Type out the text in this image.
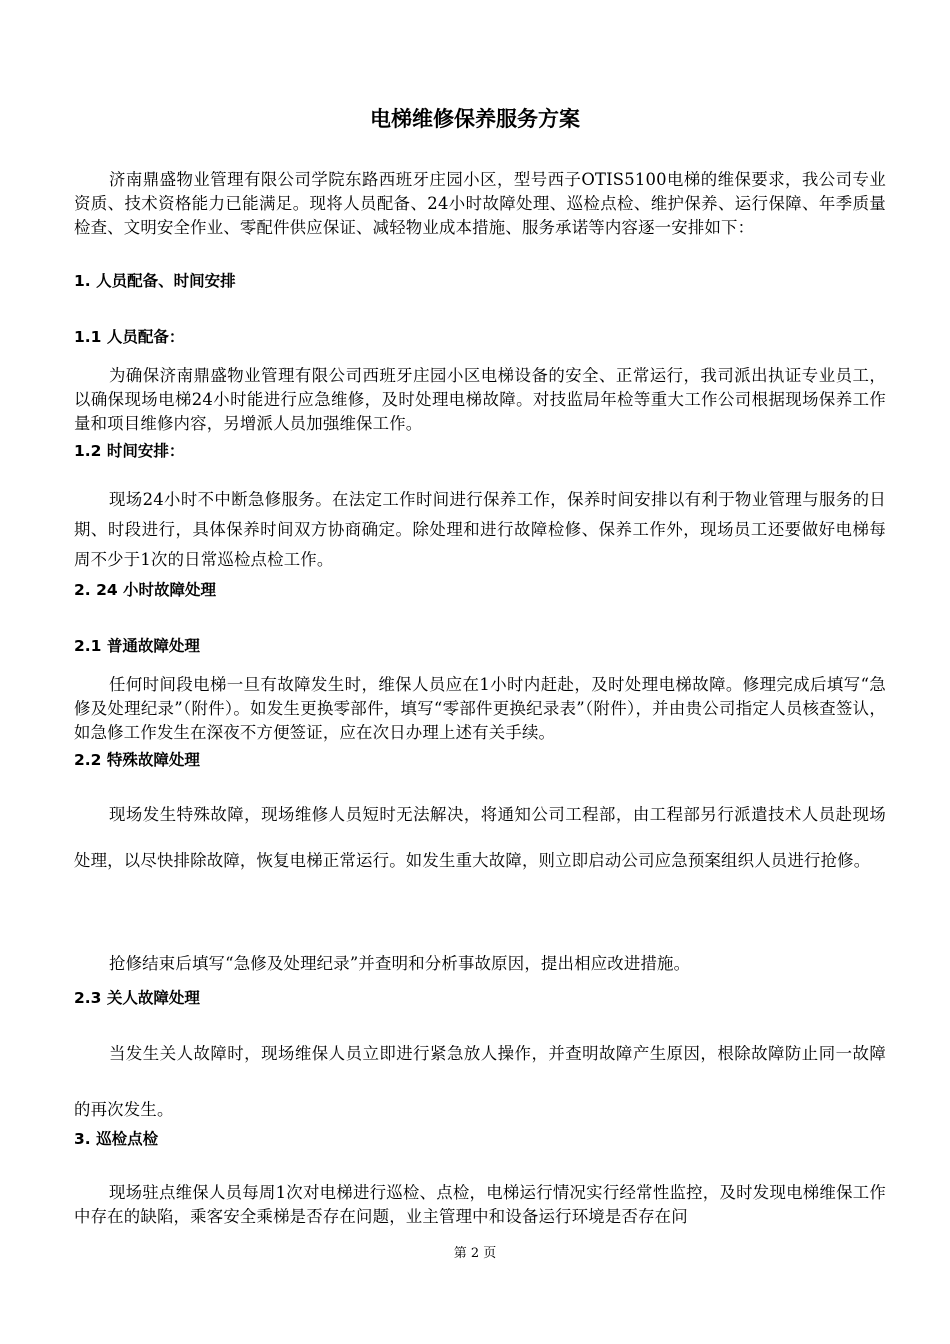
电梯维修保养服务方案

济南鼎盛物业管理有限公司学院东路西班牙庄园小区，型号西子OTIS5100电梯的维保要求，我公司专业资质、技术资格能力已能满足。现将人员配备、24小时故障处理、巡检点检、维护保养、运行保障、年季质量检查、文明安全作业、零配件供应保证、减轻物业成本措施、服务承诺等内容逐一安排如下：

1. 人员配备、时间安排
1.1 人员配备：

为确保济南鼎盛物业管理有限公司西班牙庄园小区电梯设备的安全、正常运行，我司派出执证专业员工，以确保现场电梯24小时能进行应急维修，及时处理电梯故障。对技监局年检等重大工作公司根据现场保养工作量和项目维修内容，另增派人员加强维保工作。

1.2 时间安排：

现场24小时不中断急修服务。在法定工作时间进行保养工作，保养时间安排以有利于物业管理与服务的日期、时段进行，具体保养时间双方协商确定。除处理和进行故障检修、保养工作外，现场员工还要做好电梯每周不少于1次的日常巡检点检工作。

2. 24 小时故障处理
2.1 普通故障处理

任何时间段电梯一旦有故障发生时，维保人员应在1小时内赶赴，及时处理电梯故障。修理完成后填写“急修及处理纪录”（附件）。如发生更换零部件，填写“零部件更换纪录表”（附件），并由贵公司指定人员核查签认，如急修工作发生在深夜不方便签证，应在次日办理上述有关手续。

2.2 特殊故障处理

现场发生特殊故障，现场维修人员短时无法解决，将通知公司工程部，由工程部另行派遣技术人员赴现场处理，以尽快排除故障，恢复电梯正常运行。如发生重大故障，则立即启动公司应急预案组织人员进行抢修。

抢修结束后填写“急修及处理纪录”并查明和分析事故原因，提出相应改进措施。

2.3 关人故障处理

当发生关人故障时，现场维保人员立即进行紧急放人操作，并查明故障产生原因，根除故障防止同一故障的再次发生。

3. 巡检点检

现场驻点维保人员每周1次对电梯进行巡检、点检，电梯运行情况实行经常性监控，及时发现电梯维保工作中存在的缺陷，乘客安全乘梯是否存在问题，业主管理中和设备运行环境是否存在问

第 2 页
